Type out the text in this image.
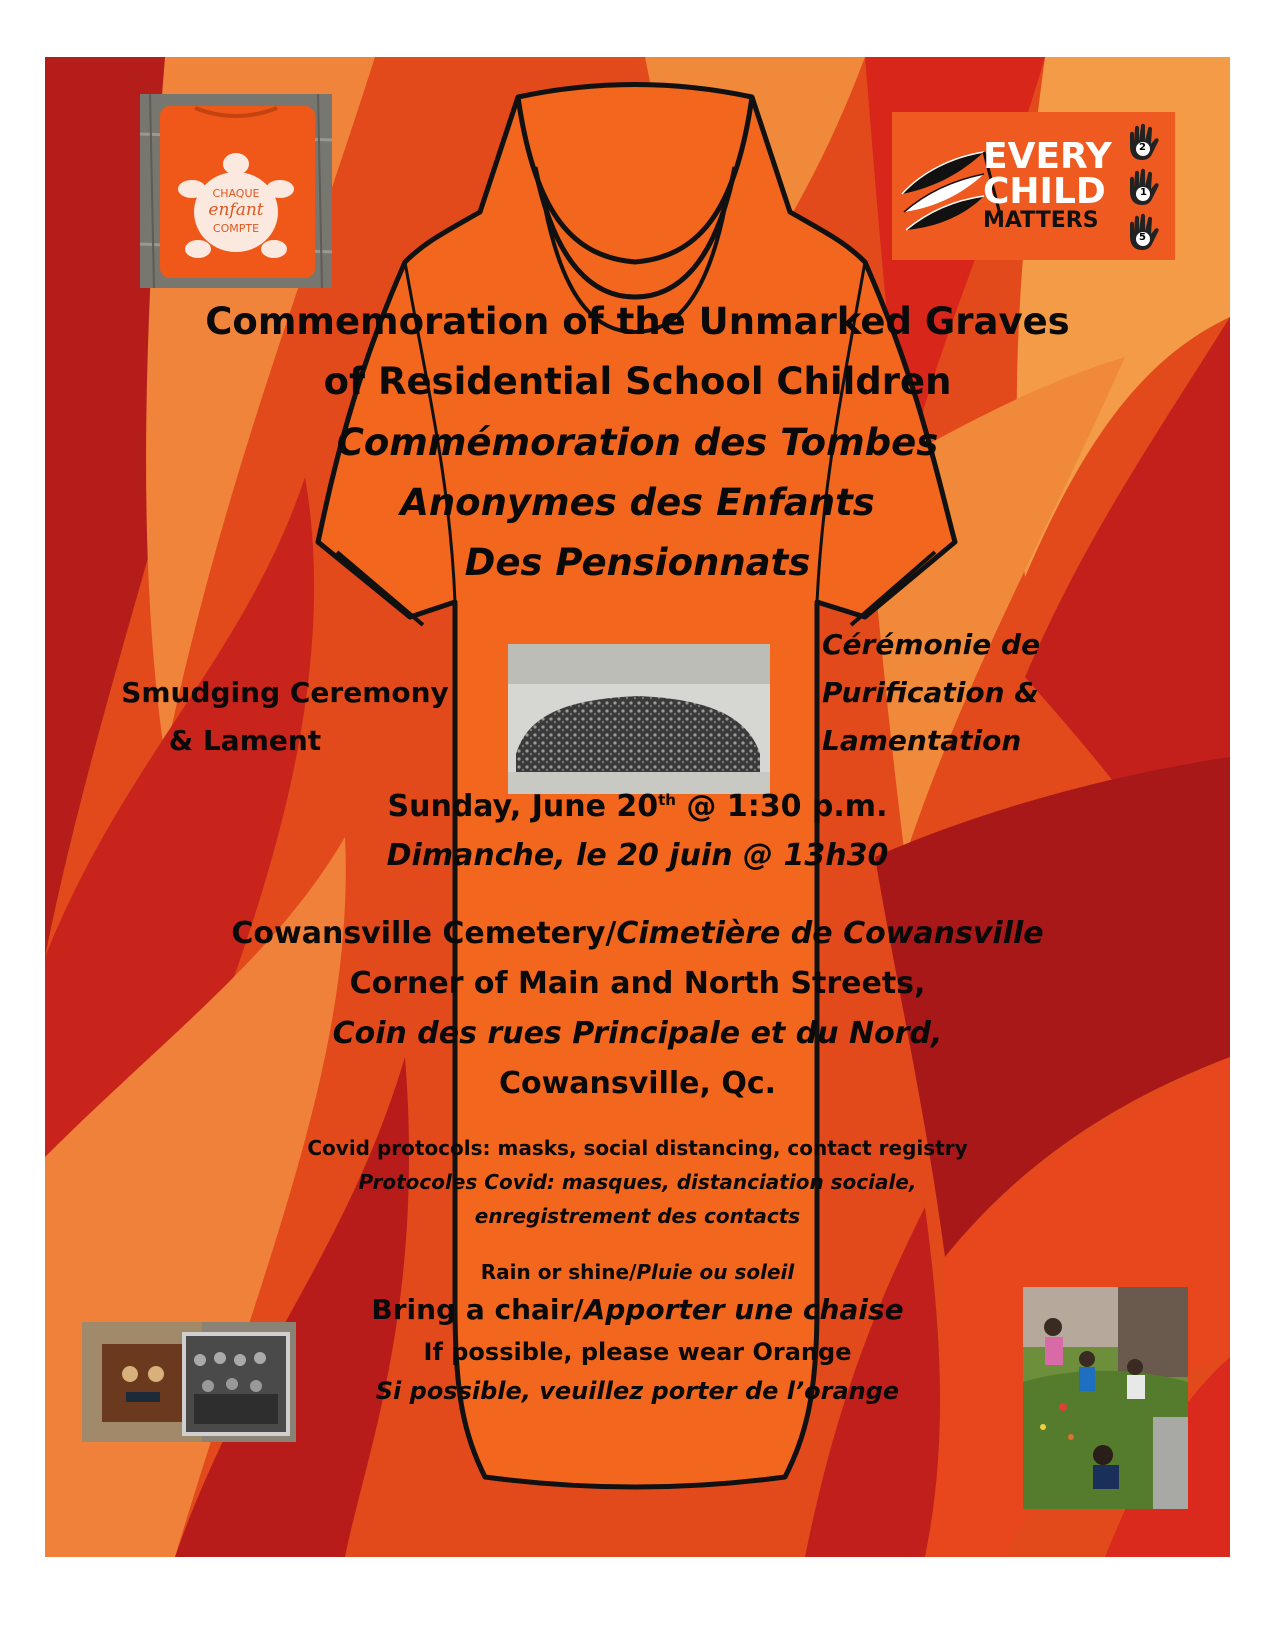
CHAQUE
enfant
COMPTE
EVERY
CHILD
MATTERS
2
1
5
Commemoration of the Unmarked Graves
of Residential School Children
Commémoration des Tombes
Anonymes des Enfants
Des Pensionnats
Smudging Ceremony
& Lament
Cérémonie de
Purification &
Lamentation
Sunday, June 20th @ 1:30 p.m.
Dimanche, le 20 juin @ 13h30
Cowansville Cemetery/Cimetière de Cowansville
Corner of Main and North Streets,
Coin des rues Principale et du Nord,
Cowansville, Qc.
Covid protocols: masks, social distancing, contact registry
Protocoles Covid: masques, distanciation sociale,
enregistrement des contacts
Rain or shine/Pluie ou soleil
Bring a chair/Apporter une chaise
If possible, please wear Orange
Si possible, veuillez porter de l’orange
